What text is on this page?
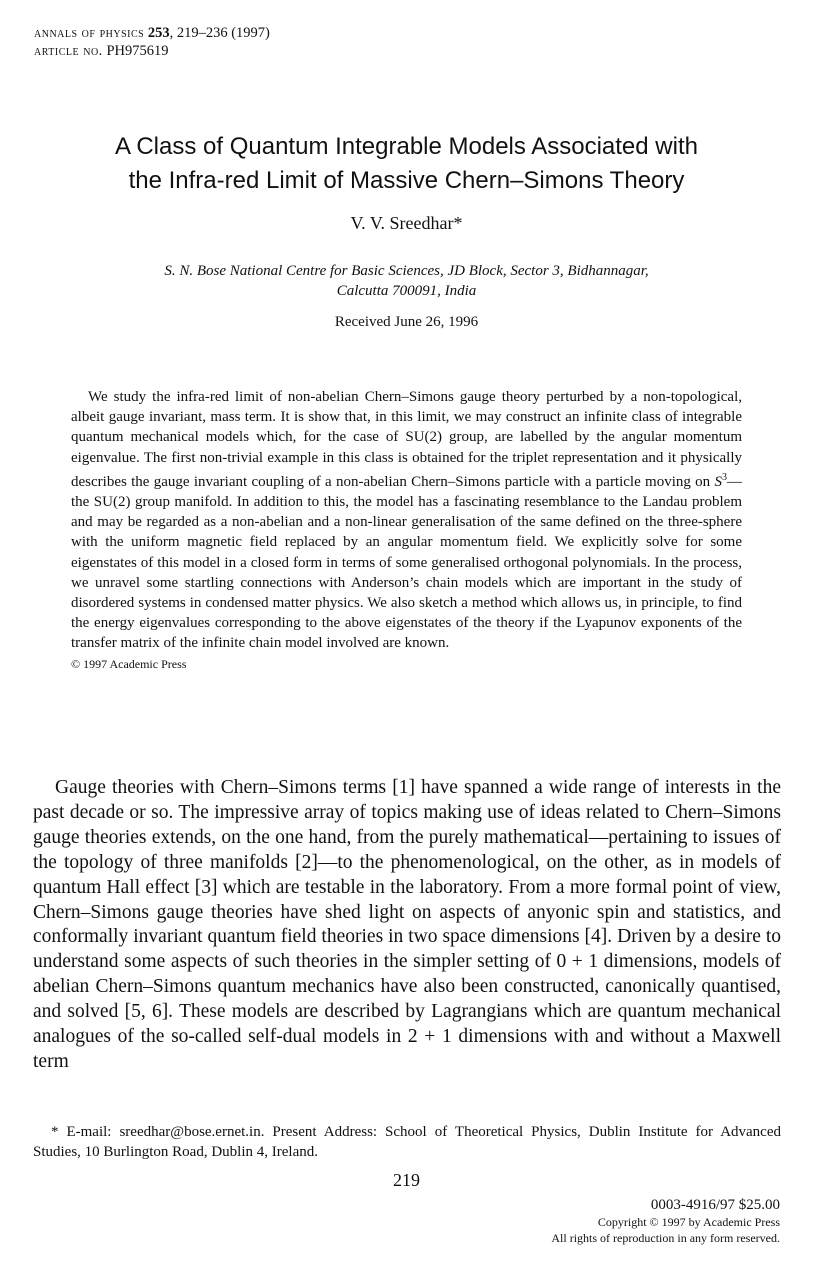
annals of physics 253, 219–236 (1997)
article no. PH975619
A Class of Quantum Integrable Models Associated with
the Infra-red Limit of Massive Chern–Simons Theory
V. V. Sreedhar*
S. N. Bose National Centre for Basic Sciences, JD Block, Sector 3, Bidhannagar,
Calcutta 700091, India
Received June 26, 1996
We study the infra-red limit of non-abelian Chern–Simons gauge theory perturbed by a non-topological, albeit gauge invariant, mass term. It is show that, in this limit, we may construct an infinite class of integrable quantum mechanical models which, for the case of SU(2) group, are labelled by the angular momentum eigenvalue. The first non-trivial example in this class is obtained for the triplet representation and it physically describes the gauge invariant coupling of a non-abelian Chern–Simons particle with a particle moving on $S^3—the$ SU(2) group manifold. In addition to this, the model has a fascinating resemblance to the Landau problem and may be regarded as a non-abelian and a non-linear generalisation of the same defined on the three-sphere with the uniform magnetic field replaced by an angular momentum field. We explicitly solve for some eigenstates of this model in a closed form in terms of some generalised orthogonal polynomials. In the process, we unravel some startling connections with Anderson’s chain models which are important in the study of disordered systems in condensed matter physics. We also sketch a method which allows us, in principle, to find the energy eigenvalues corresponding to the above eigenstates of the theory if the Lyapunov exponents of the transfer matrix of the infinite chain model involved are known.
© 1997 Academic Press
Gauge theories with Chern–Simons terms [1] have spanned a wide range of interests in the past decade or so. The impressive array of topics making use of ideas related to Chern–Simons gauge theories extends, on the one hand, from the purely mathematical—pertaining to issues of the topology of three manifolds [2]—to the phenomenological, on the other, as in models of quantum Hall effect [3] which are testable in the laboratory. From a more formal point of view, Chern–Simons gauge theories have shed light on aspects of anyonic spin and statistics, and conformally invariant quantum field theories in two space dimensions [4]. Driven by a desire to understand some aspects of such theories in the simpler setting of 0 + 1 dimensions, models of abelian Chern–Simons quantum mechanics have also been constructed, canonically quantised, and solved [5, 6]. These models are described by Lagrangians which are quantum mechanical analogues of the so-called self-dual models in 2 + 1 dimensions with and without a Maxwell term
* E-mail: sreedhar@bose.ernet.in. Present Address: School of Theoretical Physics, Dublin Institute for Advanced Studies, 10 Burlington Road, Dublin 4, Ireland.
219
0003-4916/97 $25.00
Copyright © 1997 by Academic Press
All rights of reproduction in any form reserved.
